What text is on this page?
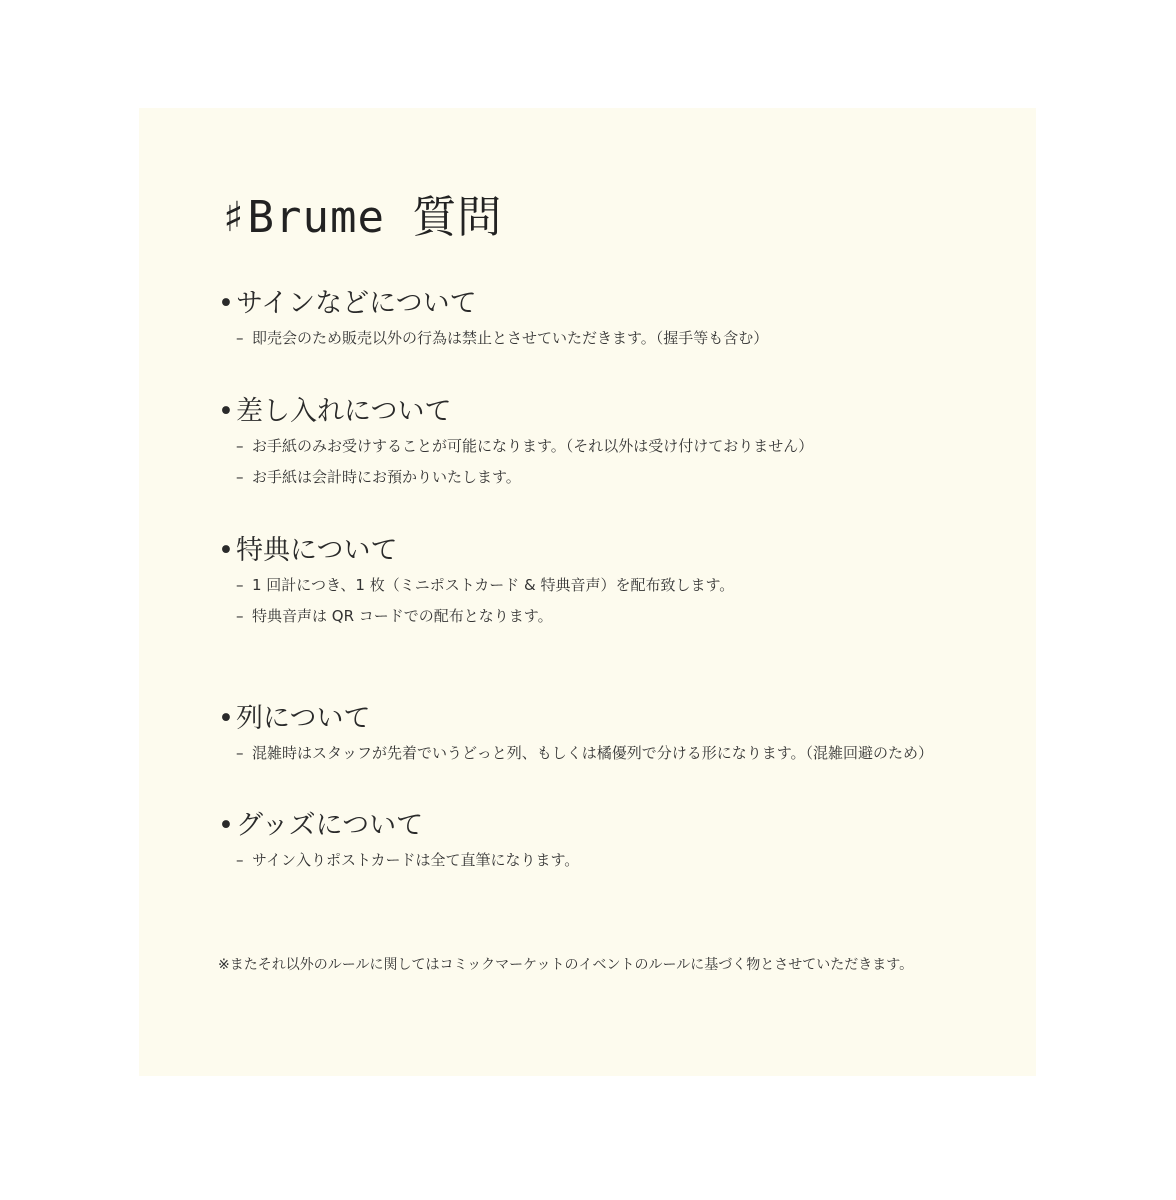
♯Brume 質問
•サインなどについて
– 即売会のため販売以外の行為は禁止とさせていただきます。（握手等も含む）
•差し入れについて
– お手紙のみお受けすることが可能になります。（それ以外は受け付けておりません）
– お手紙は会計時にお預かりいたします。
•特典について
– 1 回計につき、1 枚（ミニポストカード & 特典音声）を配布致します。
– 特典音声は QR コードでの配布となります。
•列について
– 混雑時はスタッフが先着でいうどっと列、もしくは橘優列で分ける形になります。（混雑回避のため）
•グッズについて
– サイン入りポストカードは全て直筆になります。
※またそれ以外のルールに関してはコミックマーケットのイベントのルールに基づく物とさせていただきます。
